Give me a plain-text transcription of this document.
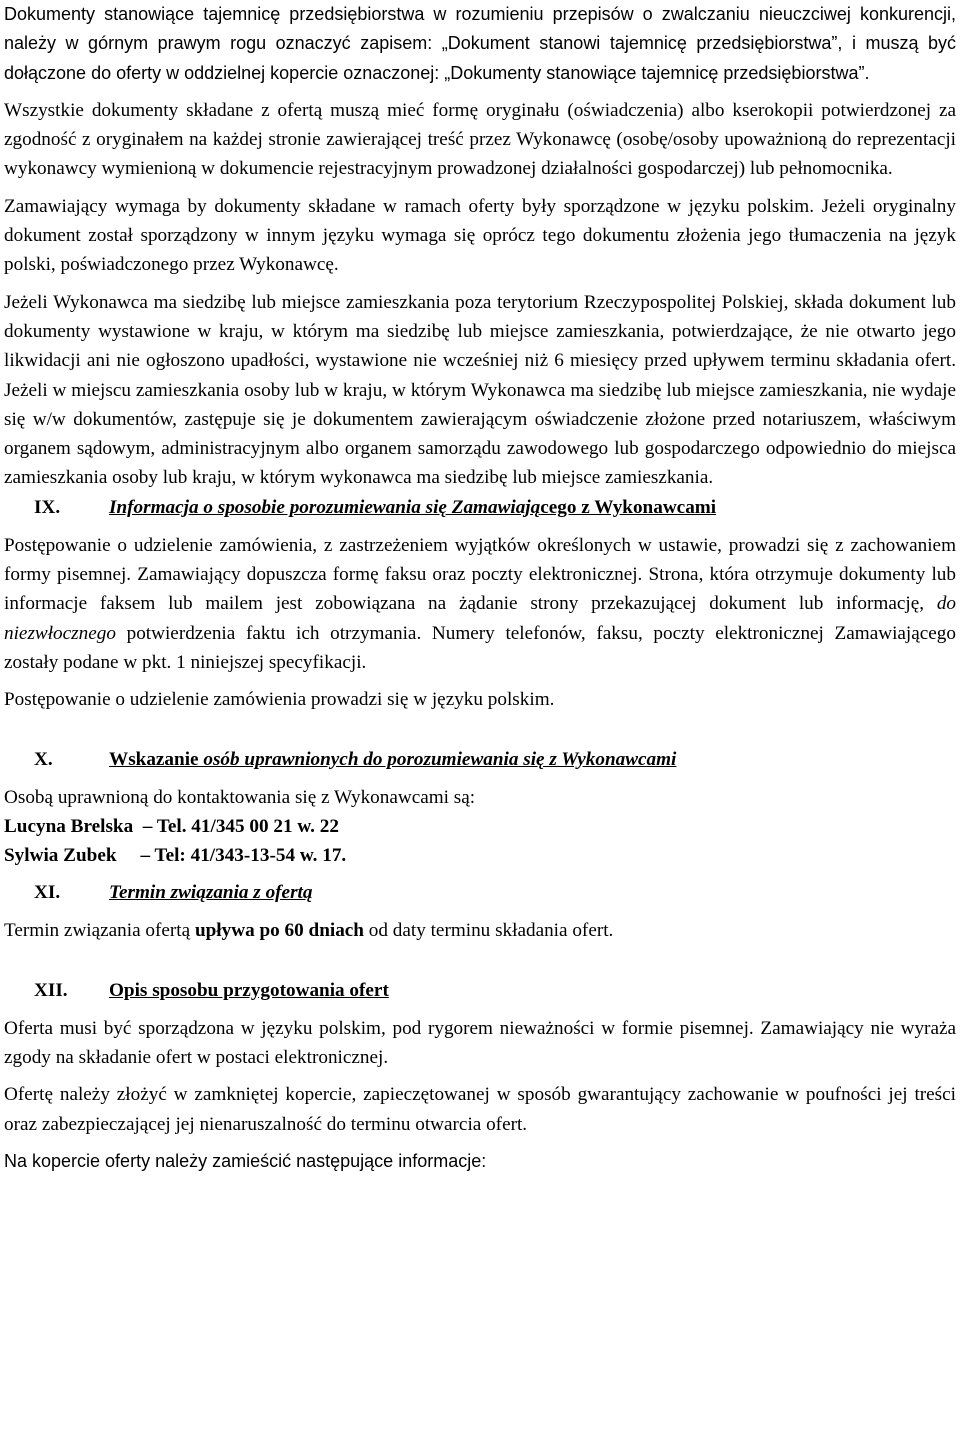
Dokumenty stanowiące tajemnicę przedsiębiorstwa w rozumieniu przepisów o zwalczaniu nieuczciwej konkurencji, należy w górnym prawym rogu oznaczyć zapisem: „Dokument stanowi tajemnicę przedsiębiorstwa”, i muszą być dołączone do oferty w oddzielnej kopercie oznaczonej: „Dokumenty stanowiące tajemnicę przedsiębiorstwa”.

Wszystkie dokumenty składane z ofertą muszą mieć formę oryginału (oświadczenia) albo kserokopii potwierdzonej za zgodność z oryginałem na każdej stronie zawierającej treść przez Wykonawcę (osobę/osoby upoważnioną do reprezentacji wykonawcy wymienioną w dokumencie rejestracyjnym prowadzonej działalności gospodarczej) lub pełnomocnika.

Zamawiający wymaga by dokumenty składane w ramach oferty były sporządzone w języku polskim. Jeżeli oryginalny dokument został sporządzony w innym języku wymaga się oprócz tego dokumentu złożenia jego tłumaczenia na język polski, poświadczonego przez Wykonawcę.

Jeżeli Wykonawca ma siedzibę lub miejsce zamieszkania poza terytorium Rzeczypospolitej Polskiej, składa dokument lub dokumenty wystawione w kraju, w którym ma siedzibę lub miejsce zamieszkania, potwierdzające, że nie otwarto jego likwidacji ani nie ogłoszono upadłości, wystawione nie wcześniej niż 6 miesięcy przed upływem terminu składania ofert. Jeżeli w miejscu zamieszkania osoby lub w kraju, w którym Wykonawca ma siedzibę lub miejsce zamieszkania, nie wydaje się w/w dokumentów, zastępuje się je dokumentem zawierającym oświadczenie złożone przed notariuszem, właściwym organem sądowym, administracyjnym albo organem samorządu zawodowego lub gospodarczego odpowiednio do miejsca zamieszkania osoby lub kraju, w którym wykonawca ma siedzibę lub miejsce zamieszkania.

IX.	Informacja o sposobie porozumiewania się Zamawiającego z Wykonawcami

Postępowanie o udzielenie zamówienia, z zastrzeżeniem wyjątków określonych w ustawie, prowadzi się z zachowaniem formy pisemnej. Zamawiający dopuszcza formę faksu oraz poczty elektronicznej. Strona, która otrzymuje dokumenty lub informacje faksem lub mailem jest zobowiązana na żądanie strony przekazującej dokument lub informację, do niezwłocznego potwierdzenia faktu ich otrzymania. Numery telefonów, faksu, poczty elektronicznej Zamawiającego zostały podane w pkt. 1 niniejszej specyfikacji.

Postępowanie o udzielenie zamówienia prowadzi się w języku polskim.

X.	Wskazanie osób uprawnionych do porozumiewania się z Wykonawcami

Osobą uprawnioną do kontaktowania się z Wykonawcami są:

Lucyna Brelska  – Tel. 41/345 00 21 w. 22
Sylwia Zubek     – Tel: 41/343-13-54 w. 17.
XI.	Termin związania z ofertą

Termin związania ofertą upływa po 60 dniach od daty terminu składania ofert.

XII.	Opis sposobu przygotowania ofert

Oferta musi być sporządzona w języku polskim, pod rygorem nieważności w formie pisemnej. Zamawiający nie wyraża zgody na składanie ofert w postaci elektronicznej.

Ofertę należy złożyć w zamkniętej kopercie, zapieczętowanej w sposób gwarantujący zachowanie w poufności jej treści oraz zabezpieczającej jej nienaruszalność do terminu otwarcia ofert.

Na kopercie oferty należy zamieścić następujące informacje:
